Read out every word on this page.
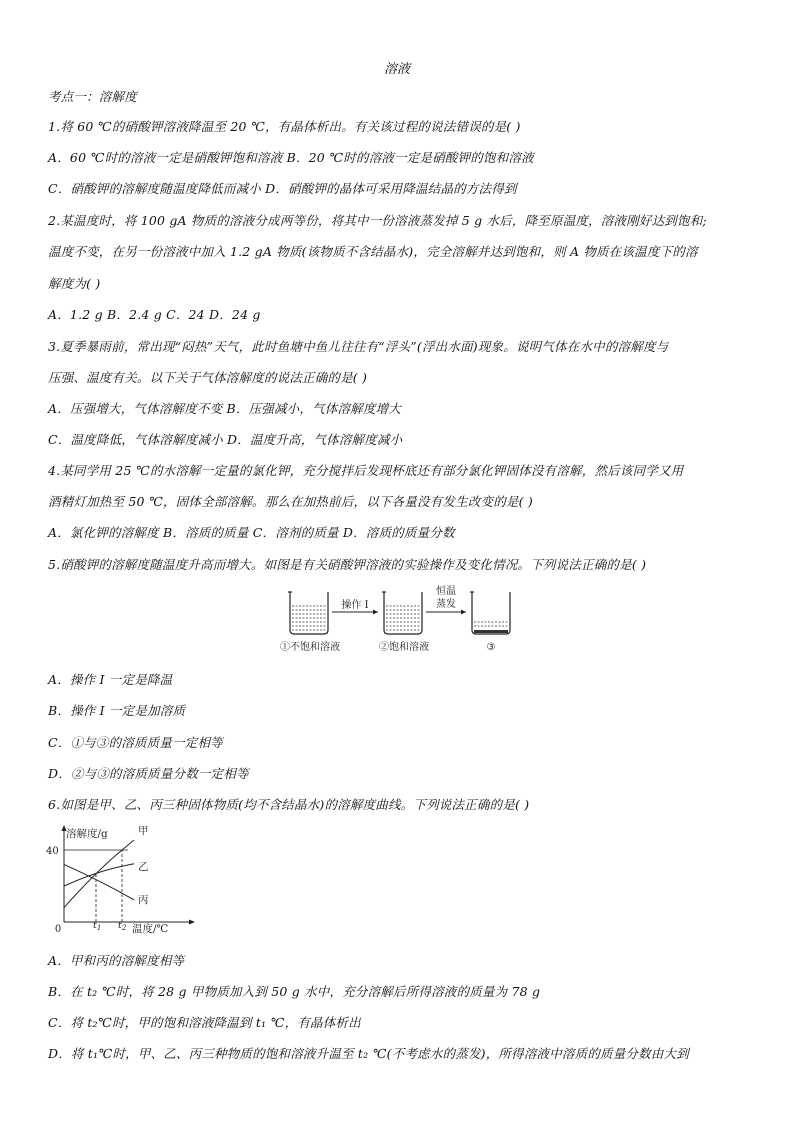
溶液
考点一：溶解度
1.将 60 ℃的硝酸钾溶液降温至 20 ℃，有晶体析出。有关该过程的说法错误的是( )
A．60 ℃时的溶液一定是硝酸钾饱和溶液 B．20 ℃时的溶液一定是硝酸钾的饱和溶液
C．硝酸钾的溶解度随温度降低而减小 D．硝酸钾的晶体可采用降温结晶的方法得到
2.某温度时，将 100 gA 物质的溶液分成两等份，将其中一份溶液蒸发掉 5 g 水后，降至原温度，溶液刚好达到饱和;
温度不变，在另一份溶液中加入 1.2 gA 物质(该物质不含结晶水)，完全溶解并达到饱和，则 A 物质在该温度下的溶
解度为( )
A．1.2 g B．2.4 g C．24 D．24 g
3.夏季暴雨前，常出现“闷热”天气，此时鱼塘中鱼儿往往有“浮头”(浮出水面)现象。说明气体在水中的溶解度与
压强、温度有关。以下关于气体溶解度的说法正确的是( )
A．压强增大，气体溶解度不变 B．压强减小，气体溶解度增大
C．温度降低，气体溶解度减小 D．温度升高，气体溶解度减小
4.某同学用 25 ℃的水溶解一定量的氯化钾，充分搅拌后发现杯底还有部分氯化钾固体没有溶解，然后该同学又用
酒精灯加热至 50 ℃，固体全部溶解。那么在加热前后，以下各量没有发生改变的是( )
A．氯化钾的溶解度 B．溶质的质量 C．溶剂的质量 D．溶质的质量分数
5.硝酸钾的溶解度随温度升高而增大。如图是有关硝酸钾溶液的实验操作及变化情况。下列说法正确的是( )
操作 I
恒温
蒸发
①不饱和溶液	②饱和溶液	③
A．操作 I 一定是降温
B．操作 I 一定是加溶质
C．①与③的溶质质量一定相等
D．②与③的溶质质量分数一定相等
6.如图是甲、乙、丙三种固体物质(均不含结晶水)的溶解度曲线。下列说法正确的是( )
溶解度/g
温度/℃
0
40
$t_1$ $t_2$
甲
乙
丙
A．甲和丙的溶解度相等
B．在 t₂ ℃时，将 28 g 甲物质加入到 50 g 水中，充分溶解后所得溶液的质量为 78 g
C．将 t₂℃时，甲的饱和溶液降温到 t₁ ℃，有晶体析出
D．将 t₁℃时，甲、乙、丙三种物质的饱和溶液升温至 t₂ ℃(不考虑水的蒸发)，所得溶液中溶质的质量分数由大到
